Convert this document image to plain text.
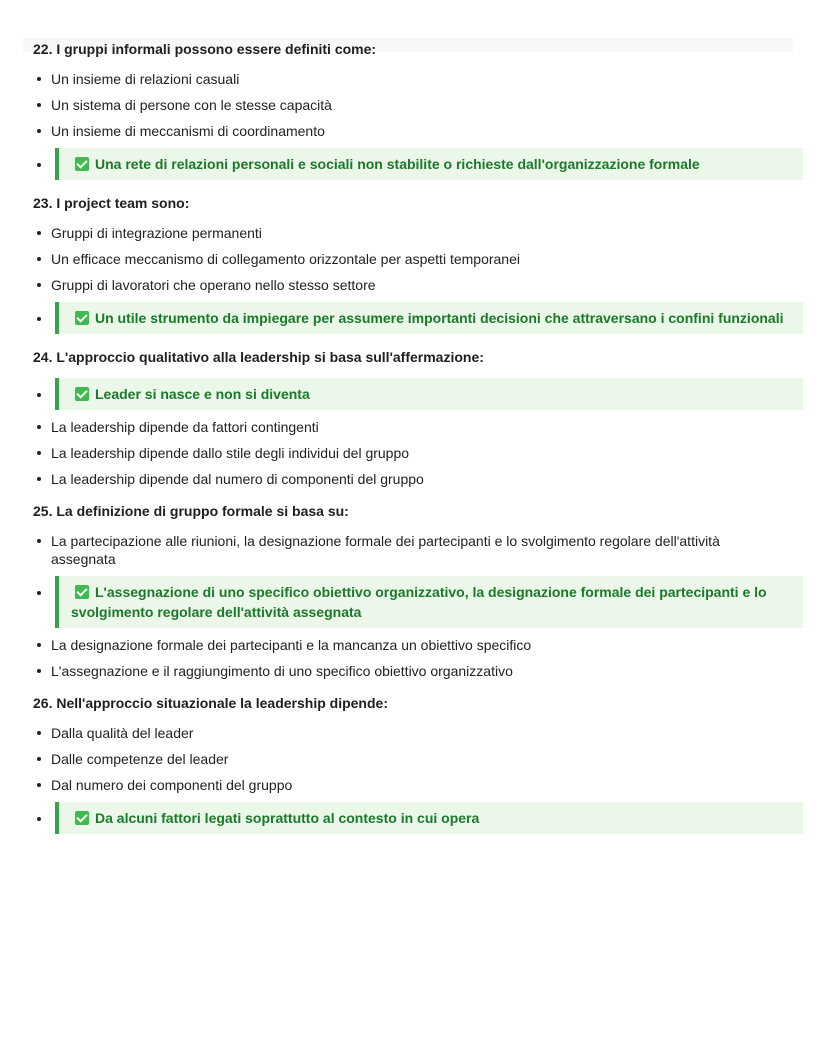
22. I gruppi informali possono essere definiti come:

Un insieme di relazioni casuali
Un sistema di persone con le stesse capacità
Un insieme di meccanismi di coordinamento
Una rete di relazioni personali e sociali non stabilite o richieste dall'organizzazione formale

23. I project team sono:

Gruppi di integrazione permanenti
Un efficace meccanismo di collegamento orizzontale per aspetti temporanei
Gruppi di lavoratori che operano nello stesso settore
Un utile strumento da impiegare per assumere importanti decisioni che attraversano i confini funzionali

24. L'approccio qualitativo alla leadership si basa sull'affermazione:

Leader si nasce e non si diventa
La leadership dipende da fattori contingenti
La leadership dipende dallo stile degli individui del gruppo
La leadership dipende dal numero di componenti del gruppo

25. La definizione di gruppo formale si basa su:

La partecipazione alle riunioni, la designazione formale dei partecipanti e lo svolgimento regolare dell'attività assegnata
L'assegnazione di uno specifico obiettivo organizzativo, la designazione formale dei partecipanti e lo svolgimento regolare dell'attività assegnata
La designazione formale dei partecipanti e la mancanza un obiettivo specifico
L'assegnazione e il raggiungimento di uno specifico obiettivo organizzativo

26. Nell'approccio situazionale la leadership dipende:

Dalla qualità del leader
Dalle competenze del leader
Dal numero dei componenti del gruppo
Da alcuni fattori legati soprattutto al contesto in cui opera
